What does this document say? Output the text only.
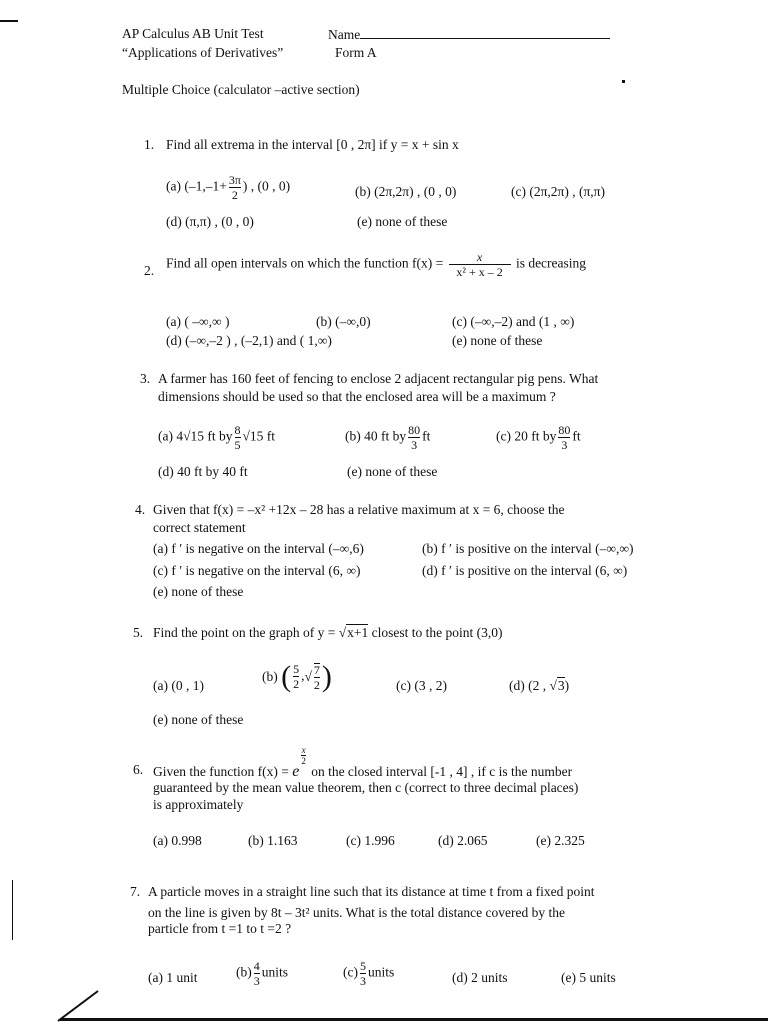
AP Calculus AB Unit Test
“Applications of Derivatives”
Name
Form A
Multiple Choice (calculator –active section)
1. Find all extrema in the interval [0 , 2π] if y = x + sin x
(a) ($-1,-1+ \frac{3\pi}{2}$ ) , (0 , 0)	(b) (2π,2π) , (0 , 0)	(c) (2π,2π) , (π,π)
(d) (π,π) , (0 , 0)	(e) none of these
2. Find all open intervals on which the function $f(x) = \frac{x}{\text{x² + x – 2}}$ is decreasing
(a) ( –∞,∞ )	(b) (–∞,0)	(c) (–∞,–2) and (1 , ∞)
(d) (–∞,–2 ) , (–2,1) and ( 1,∞)	(e) none of these
3. A farmer has 160 feet of fencing to enclose 2 adjacent rectangular pig pens. What
dimensions should be used so that the enclosed area will be a maximum ?
(a) 4√15 ft by $\frac{8}{5} √15$ ft	(b) 40 ft by $\frac{80}{3}$ ft	(c) 20 ft by $\frac{80}{3}$ ft
(d) 40 ft by 40 ft	(e) none of these
4. Given that f(x) = –x² +12x – 28 has a relative maximum at x = 6, choose the
correct statement
(a) f ′ is negative on the interval (–∞,6)	(b) f ′ is positive on the interval (–∞,∞)
(c) f ′ is negative on the interval (6, ∞)	(d) f ′ is positive on the interval (6, ∞)
(e) none of these
5. Find the point on the graph of y = √x+1 closest to the point (3,0)
(a) (0 , 1)
(b) ( $\frac{5}{2}$ ,√ $\frac{7}{2}$ )	(c) (3 , 2)	(d) (2 , √3)
(e) none of these
6. Given the function f(x) = e
$\frac{x}{2}$
on the closed interval [-1 , 4] , if c is the number
guaranteed by the mean value theorem, then c (correct to three decimal places)
is approximately
(a) 0.998	(b) 1.163	(c) 1.996	(d) 2.065	(e) 2.325
7. A particle moves in a straight line such that its distance at time t from a fixed point
on the line is given by 8t – 3t² units. What is the total distance covered by the
particle from t =1 to t =2 ?
(a) 1 unit	$(b) \frac{4}{3}$ units	$(c) \frac{5}{3}$ units	(d) 2 units	(e) 5 units
